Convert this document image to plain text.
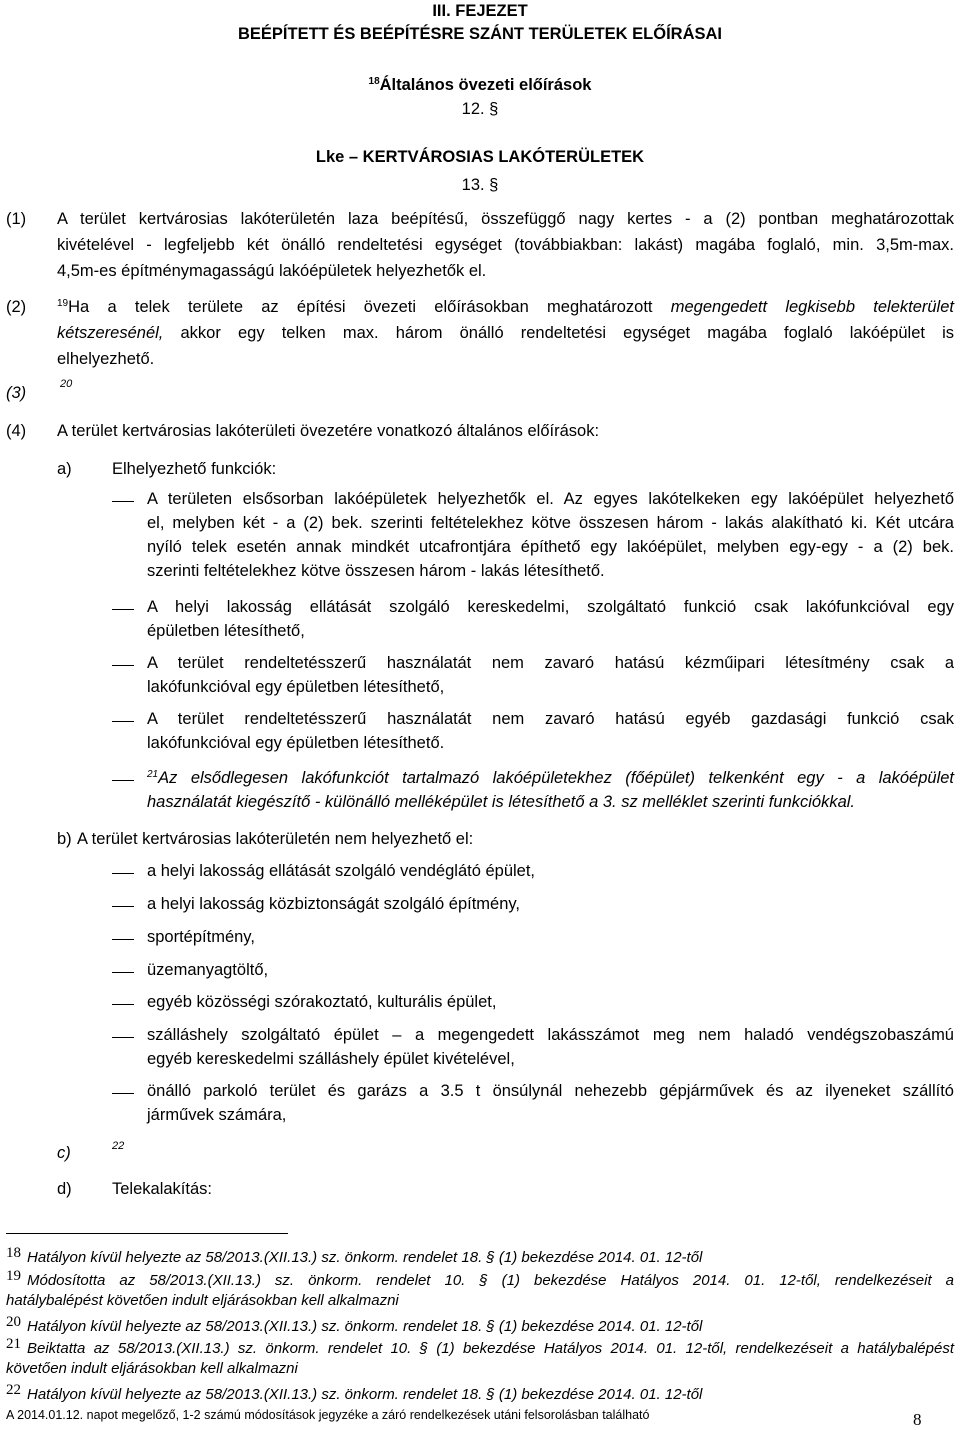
III. FEJEZET
BEÉPÍTETT ÉS BEÉPÍTÉSRE SZÁNT TERÜLETEK ELŐÍRÁSAI
$^{18}$Általános övezeti előírások
12. §
Lke – KERTVÁROSIAS LAKÓTERÜLETEK
13. §
(1) A terület kertvárosias lakóterületén laza beépítésű, összefüggő nagy kertes - a (2) pontban meghatározottak
kivételével - legfeljebb két önálló rendeltetési egységet (továbbiakban: lakást) magába foglaló, min. 3,5m-max.
4,5m-es építménymagasságú lakóépületek helyezhetők el.
(2)	$^{19}$Ha a telek területe az építési övezeti előírásokban meghatározott megengedett legkisebb telekterület
kétszeresénél, akkor egy telken max. három önálló rendeltetési egységet magába foglaló lakóépület is
elhelyezhető.
(3)	20
(4) A terület kertvárosias lakóterületi övezetére vonatkozó általános előírások:
a) Elhelyezhető funkciók:
A területen elsősorban lakóépületek helyezhetők el. Az egyes lakótelkeken egy lakóépület helyezhető
el, melyben két - a (2) bek. szerinti feltételekhez kötve összesen három - lakás alakítható ki. Két utcára
nyíló telek esetén annak mindkét utcafrontjára építhető egy lakóépület, melyben egy-egy - a (2) bek.
szerinti feltételekhez kötve összesen három - lakás létesíthető.
A helyi lakosság ellátását szolgáló kereskedelmi, szolgáltató funkció csak lakófunkcióval egy
épületben létesíthető,
A terület rendeltetésszerű használatát nem zavaró hatású kézműipari létesítmény csak a
lakófunkcióval egy épületben létesíthető,
A terület rendeltetésszerű használatát nem zavaró hatású egyéb gazdasági funkció csak
lakófunkcióval egy épületben létesíthető.
$^{21}$Az elsődlegesen lakófunkciót tartalmazó lakóépületekhez (főépület) telkenként egy - a lakóépület
használatát kiegészítő - különálló melléképület is létesíthető a 3. sz melléklet szerinti funkciókkal.
b) A terület kertvárosias lakóterületén nem helyezhető el:
a helyi lakosság ellátását szolgáló vendéglátó épület,
a helyi lakosság közbiztonságát szolgáló építmény,
sportépítmény,
üzemanyagtöltő,
egyéb közösségi szórakoztató, kulturális épület,
szálláshely szolgáltató épület – a megengedett lakásszámot meg nem haladó vendégszobaszámú
egyéb kereskedelmi szálláshely épület kivételével,
önálló parkoló terület és garázs a 3.5 t önsúlynál nehezebb gépjárművek és az ilyeneket szállító
járművek számára,
c)	22
d) Telekalakítás:
18 Hatályon kívül helyezte az 58/2013.(XII.13.) sz. önkorm. rendelet 18. § (1) bekezdése 2014. 01. 12-től
19 Módosította az 58/2013.(XII.13.) sz. önkorm. rendelet 10. § (1) bekezdése Hatályos 2014. 01. 12-től, rendelkezéseit a
hatálybalépést követően indult eljárásokban kell alkalmazni
20 Hatályon kívül helyezte az 58/2013.(XII.13.) sz. önkorm. rendelet 18. § (1) bekezdése 2014. 01. 12-től
21 Beiktatta az 58/2013.(XII.13.) sz. önkorm. rendelet 10. § (1) bekezdése Hatályos 2014. 01. 12-től, rendelkezéseit a hatálybalépést
követően indult eljárásokban kell alkalmazni
22 Hatályon kívül helyezte az 58/2013.(XII.13.) sz. önkorm. rendelet 18. § (1) bekezdése 2014. 01. 12-től
A 2014.01.12. napot megelőző, 1-2 számú módosítások jegyzéke a záró rendelkezések utáni felsorolásban található	8
